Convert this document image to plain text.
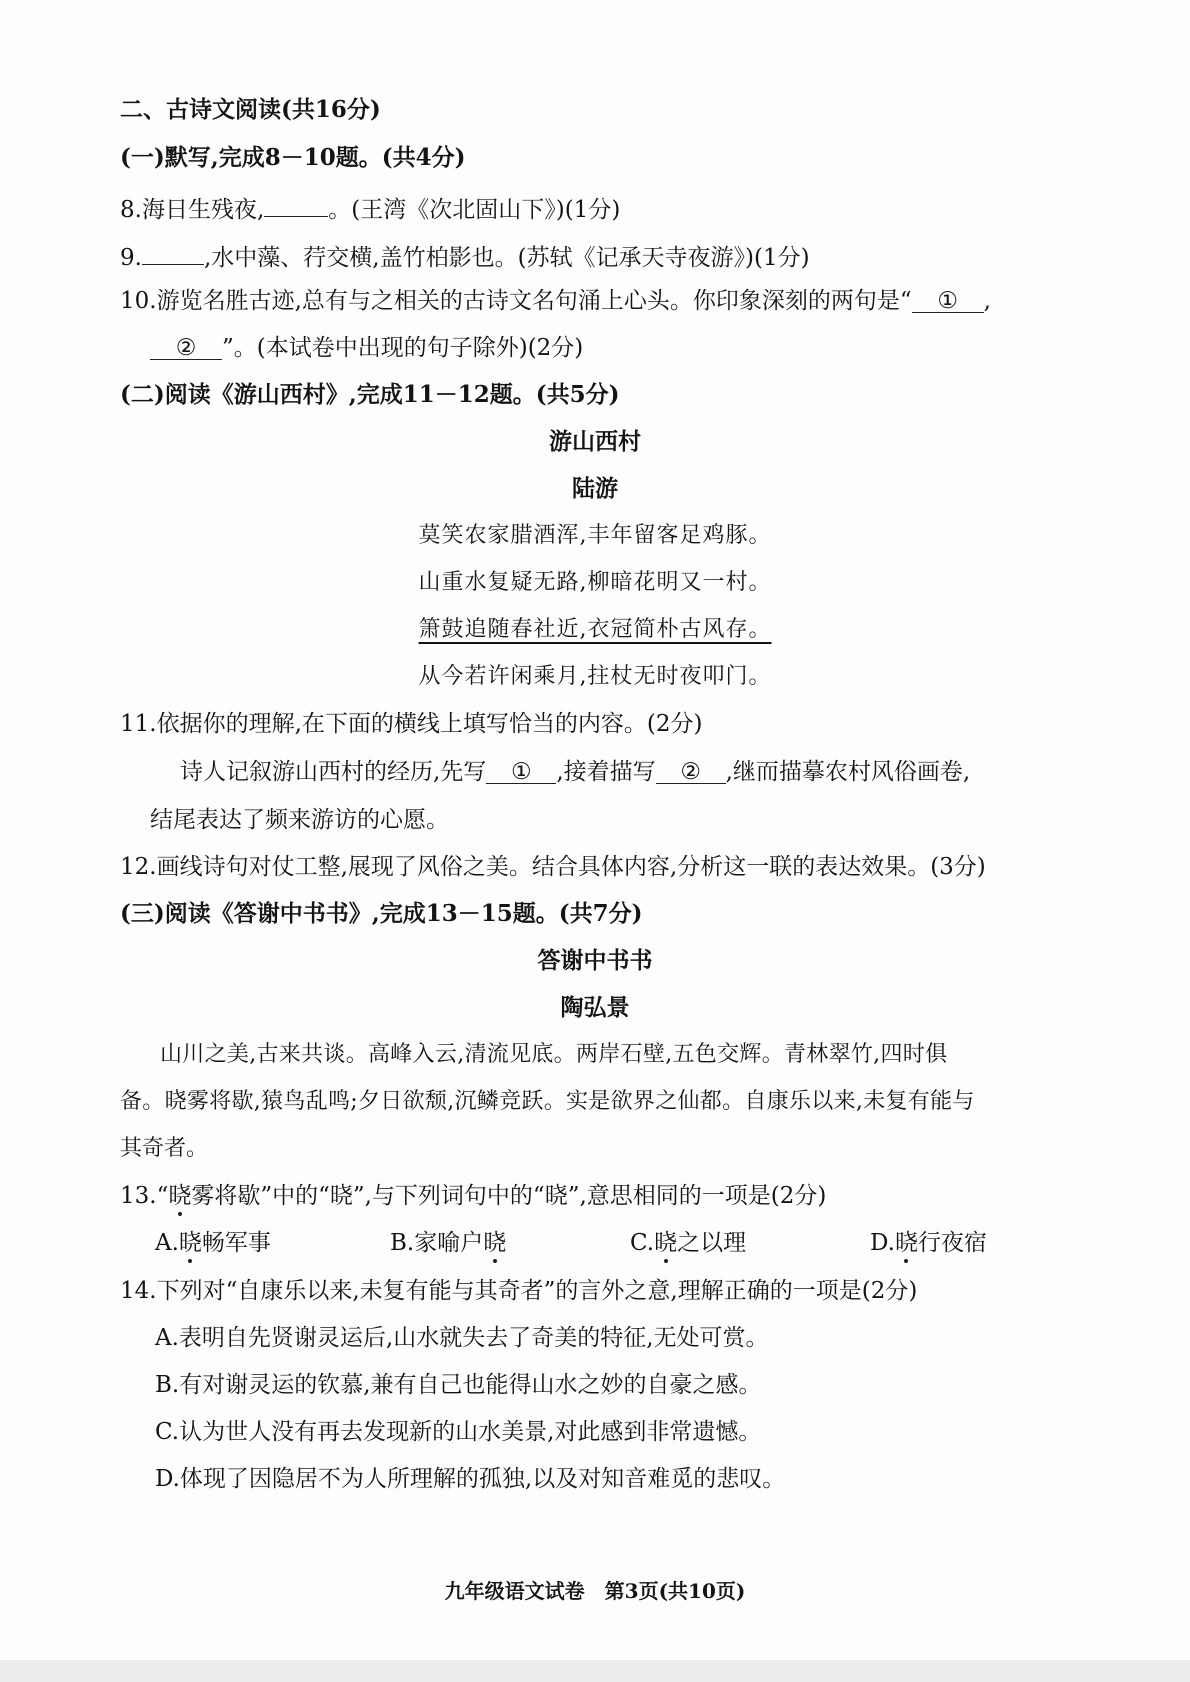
二、古诗文阅读(共16分)
(一)默写,完成8－10题。(共4分)
8.海日生残夜,	。(王湾《次北固山下》)(1分)
9.	,水中藻、荇交横,盖竹柏影也。(苏轼《记承天寺夜游》)(1分)
10.游览名胜古迹,总有与之相关的古诗文名句涌上心头。你印象深刻的两句是“ ① ,
② ”。(本试卷中出现的句子除外)(2分)
(二)阅读《游山西村》,完成11－12题。(共5分)
游山西村
陆游
莫笑农家腊酒浑,丰年留客足鸡豚。
山重水复疑无路,柳暗花明又一村。
箫鼓追随春社近,衣冠简朴古风存。
从今若许闲乘月,拄杖无时夜叩门。
11.依据你的理解,在下面的横线上填写恰当的内容。(2分)
诗人记叙游山西村的经历,先写 ① ,接着描写 ② ,继而描摹农村风俗画卷,
结尾表达了频来游访的心愿。
12.画线诗句对仗工整,展现了风俗之美。结合具体内容,分析这一联的表达效果。(3分)
(三)阅读《答谢中书书》,完成13－15题。(共7分)
答谢中书书
陶弘景
山川之美,古来共谈。高峰入云,清流见底。两岸石壁,五色交辉。青林翠竹,四时俱
备。晓雾将歇,猿鸟乱鸣;夕日欲颓,沉鳞竞跃。实是欲界之仙都。自康乐以来,未复有能与
其奇者。
13.“晓雾将歇”中的“晓”,与下列词句中的“晓”,意思相同的一项是(2分)
A.晓畅军事	B.家喻户晓	C.晓之以理	D.晓行夜宿
14.下列对“自康乐以来,未复有能与其奇者”的言外之意,理解正确的一项是(2分)
A.表明自先贤谢灵运后,山水就失去了奇美的特征,无处可赏。
B.有对谢灵运的钦慕,兼有自己也能得山水之妙的自豪之感。
C.认为世人没有再去发现新的山水美景,对此感到非常遗憾。
D.体现了因隐居不为人所理解的孤独,以及对知音难觅的悲叹。
九年级语文试卷　第3页(共10页)
